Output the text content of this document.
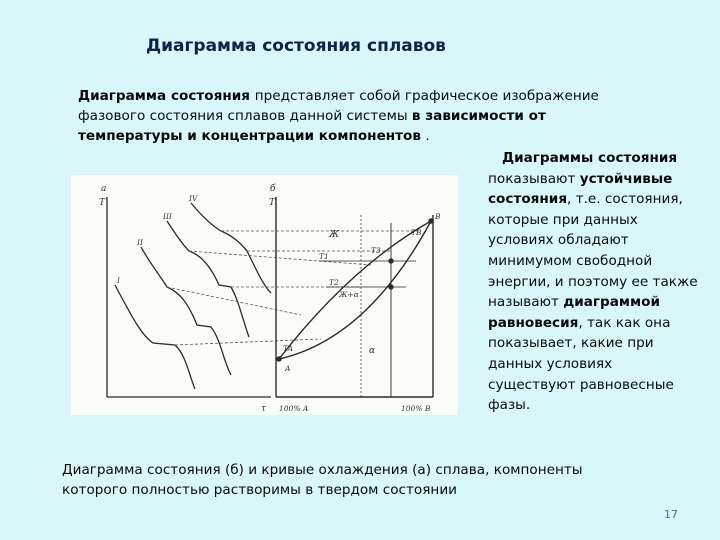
Диаграмма состояния сплавов
Диаграмма состояния представляет собой графическое изображение фазового состояния сплавов данной системы в зависимости от температуры и концентрации компонентов .
a
T
τ
б
T
100% A	100% B
Ж
Ж+α
α
A
B
I
II
III
IV
T1
T2
T3
TB
TA
Диаграммы состояния
показывают устойчивые состояния, т.е. состояния, которые при данных условиях обладают минимумом свободной энергии, и поэтому ее также называют диаграммой равновесия, так как она показывает, какие при данных условиях существуют равновесные фазы.
Диаграмма состояния (б) и кривые охлаждения (а) сплава, компоненты которого полностью растворимы в твердом состоянии
17
